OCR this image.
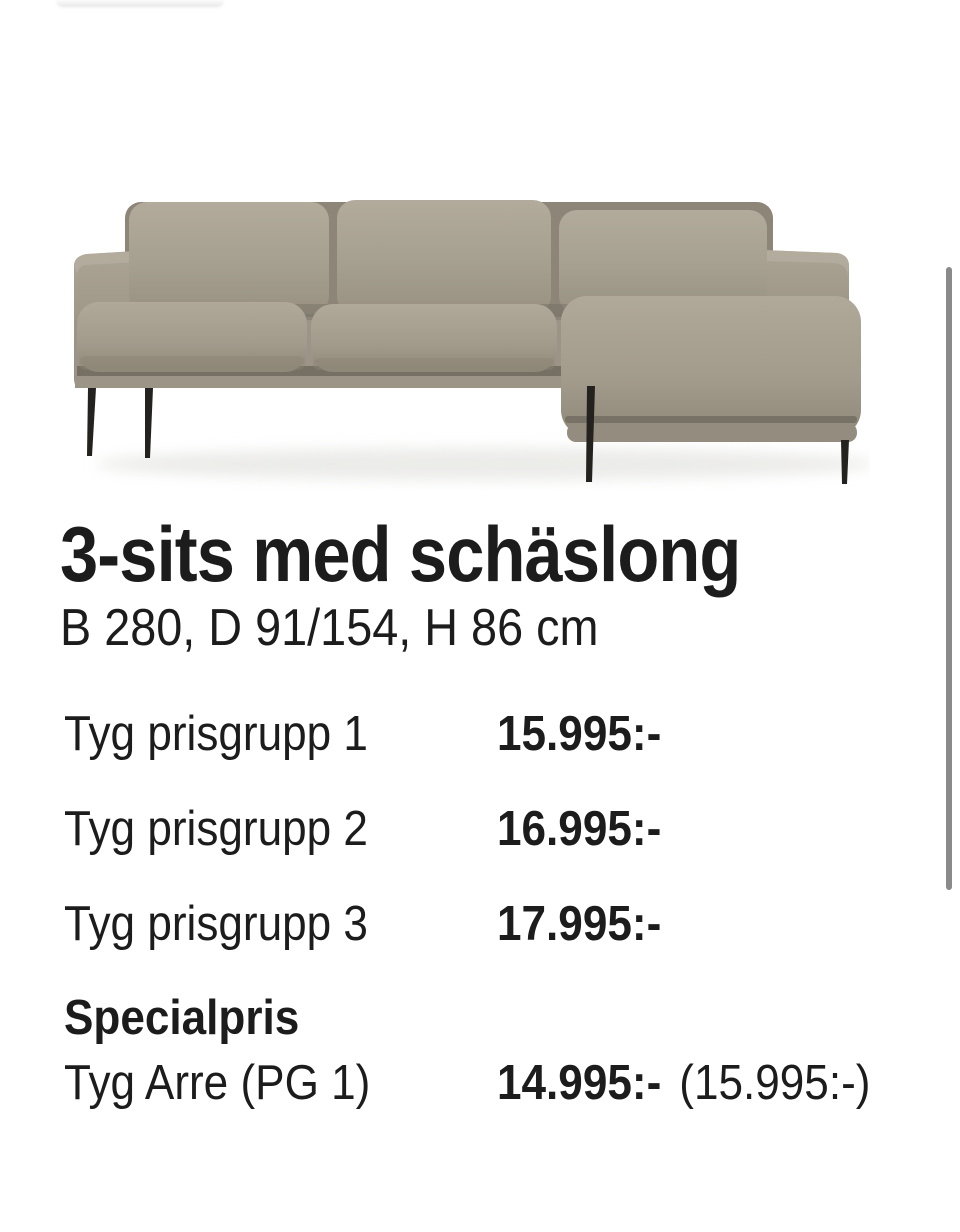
3-sits med schäslong
B 280, D 91/154, H 86 cm
Tyg prisgrupp 1	15.995:-
Tyg prisgrupp 2	16.995:-
Tyg prisgrupp 3	17.995:-
Specialpris
Tyg Arre (PG 1)	14.995:- (15.995:-)
